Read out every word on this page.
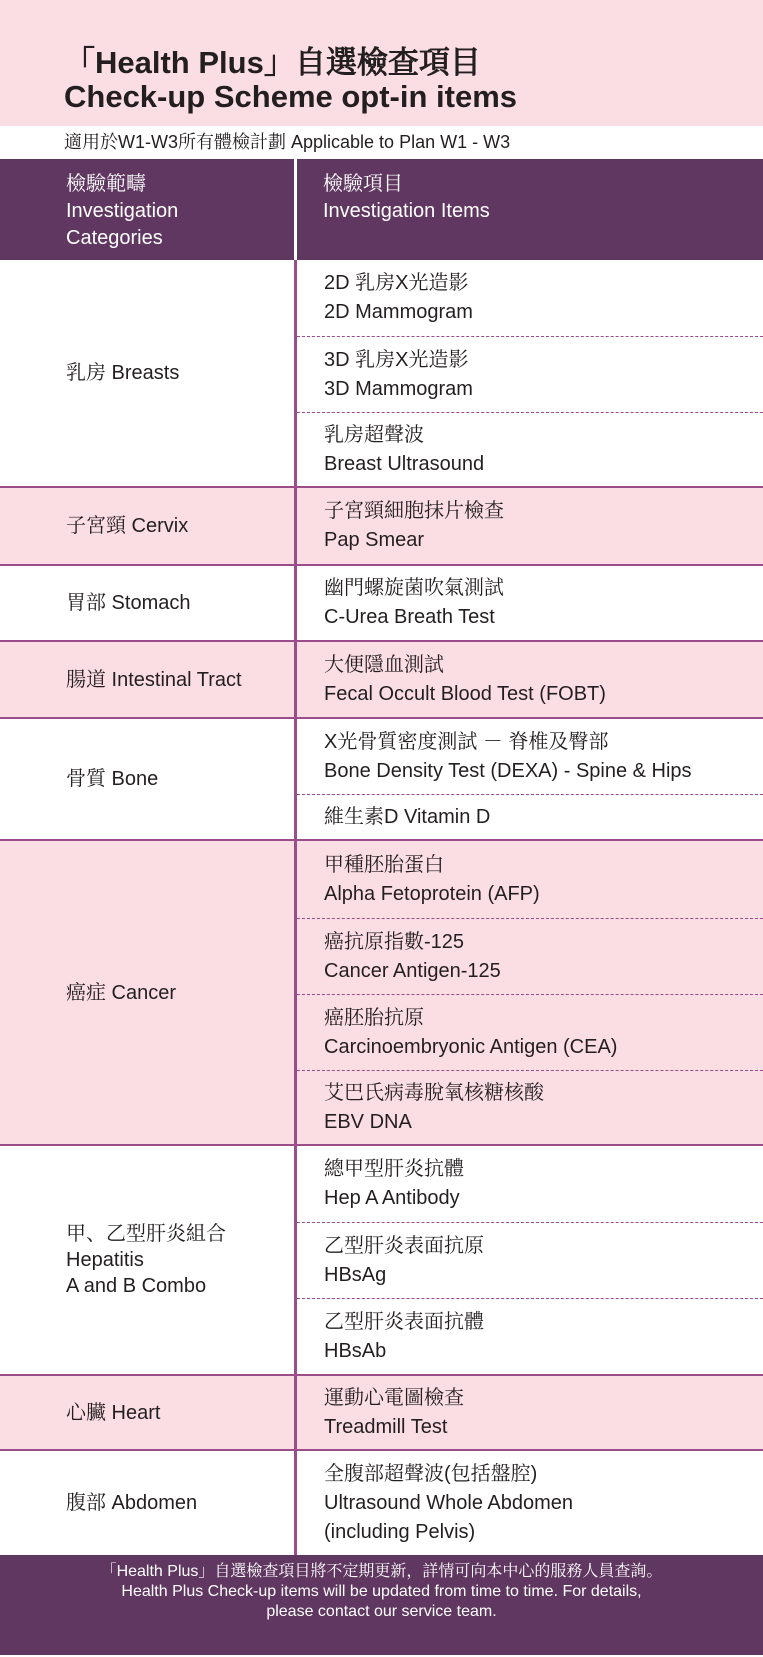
「Health Plus」自選檢查項目
Check-up Scheme opt-in items
適用於W1-W3所有體檢計劃 Applicable to Plan W1 - W3
檢驗範疇
Investigation
Categories
檢驗項目
Investigation Items
乳房 Breasts
2D 乳房X光造影
2D Mammogram
3D 乳房X光造影
3D Mammogram
乳房超聲波
Breast Ultrasound
子宮頸 Cervix
子宮頸細胞抹片檢查
Pap Smear
胃部 Stomach
幽門螺旋菌吹氣測試
C-Urea Breath Test
腸道 Intestinal Tract
大便隱血測試
Fecal Occult Blood Test (FOBT)
骨質 Bone
X光骨質密度測試 － 脊椎及臀部
Bone Density Test (DEXA) - Spine & Hips
維生素D Vitamin D
癌症 Cancer
甲種胚胎蛋白
Alpha Fetoprotein (AFP)
癌抗原指數-125
Cancer Antigen-125
癌胚胎抗原
Carcinoembryonic Antigen (CEA)
艾巴氏病毒脫氧核糖核酸
EBV DNA
甲、乙型肝炎組合
Hepatitis
A and B Combo
總甲型肝炎抗體
Hep A Antibody
乙型肝炎表面抗原
HBsAg
乙型肝炎表面抗體
HBsAb
心臟 Heart
運動心電圖檢查
Treadmill Test
腹部 Abdomen
全腹部超聲波(包括盤腔)
Ultrasound Whole Abdomen
(including Pelvis)
「Health Plus」自選檢查項目將不定期更新，詳情可向本中心的服務人員查詢。
Health Plus Check-up items will be updated from time to time. For details,
please contact our service team.
